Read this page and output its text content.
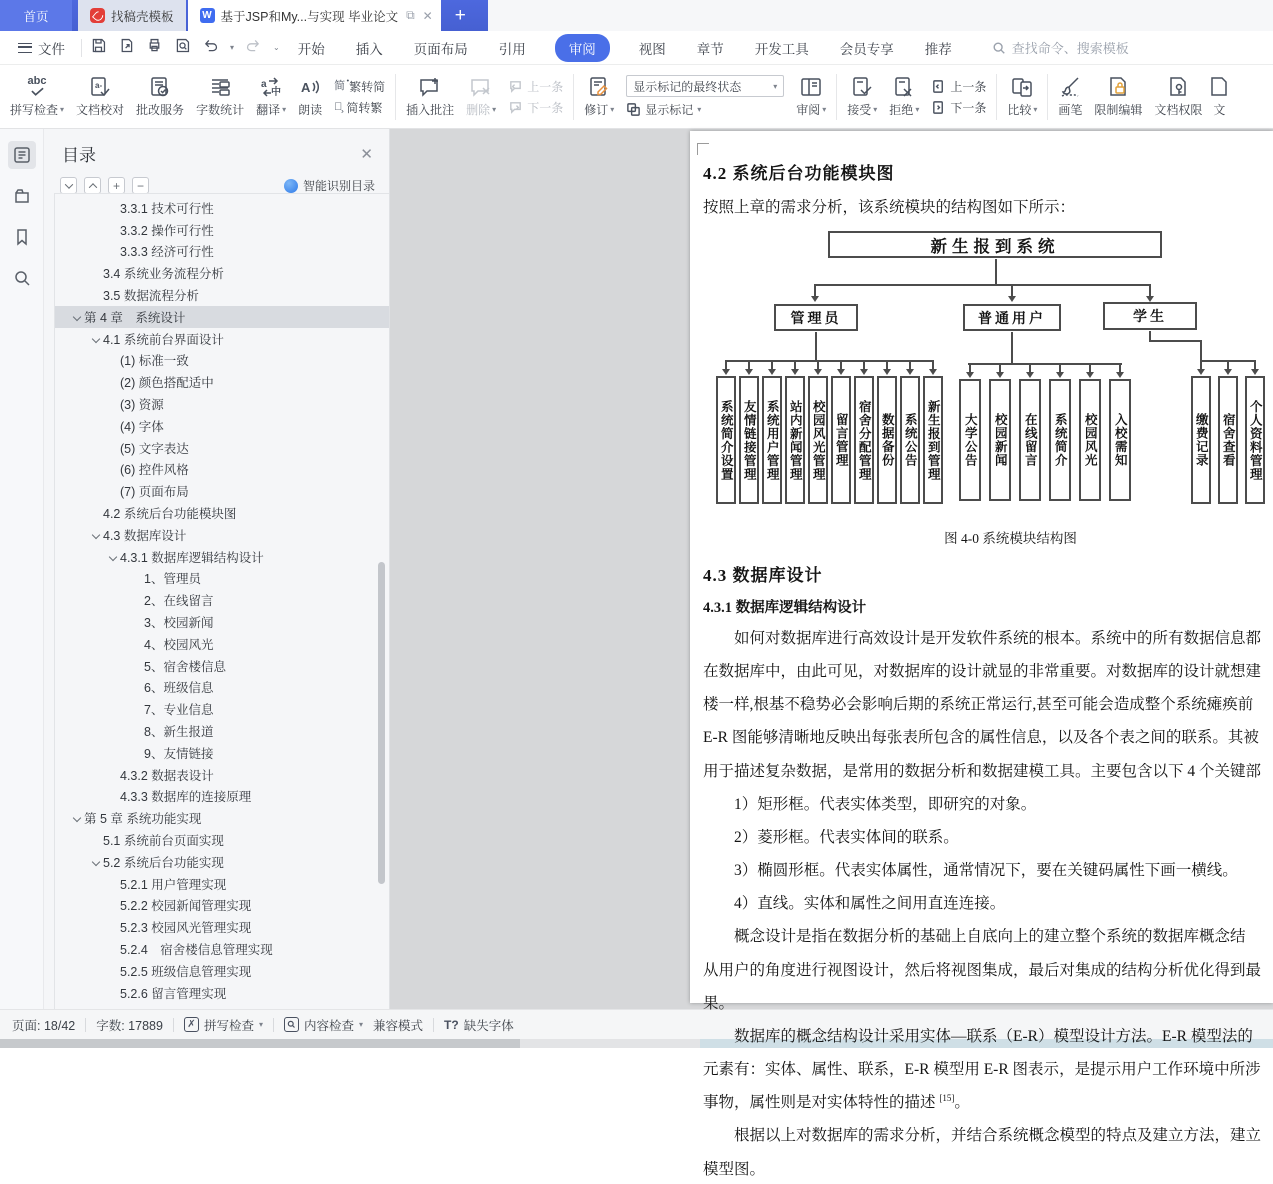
首页	找稿壳模板	W 基于JSP和My...与实现 毕业论文 ⧉ ✕	+
文件	▾	⌄ 开始 插入 页面布局 引用	审阅	视图 章节 开发工具 会员专享 推荐	查找命令、搜索模板
abc
拼写检查 ▾
a-
文档校对 批改服务 字数统计
a
中
翻译 ▾
A
朗读
简̇ 繁转简
繁̧ 简转繁 插入批注 删除 ▾
上一条
下一条 修订 ▾
显示标记的最终状态	▾
显示标记 ▾	审阅 ▾ 接受 ▾ 拒绝 ▾
上一条
下一条 比较 ▾ 画笔 限制编辑 文档权限 文
目录	✕
+	−	智能识别目录
3.3.1 技术可行性
3.3.2 操作可行性
3.3.3 经济可行性
3.4 系统业务流程分析
3.5 数据流程分析
第 4 章　系统设计
4.1 系统前台界面设计
(1) 标准一致
(2) 颜色搭配适中
(3) 资源
(4) 字体
(5) 文字表达
(6) 控件风格
(7) 页面布局
4.2 系统后台功能模块图
4.3 数据库设计
4.3.1 数据库逻辑结构设计
1、管理员
2、在线留言
3、校园新闻
4、校园风光
5、宿舍楼信息
6、班级信息
7、专业信息
8、新生报道
9、友情链接
4.3.2 数据表设计
4.3.3 数据库的连接原理
第 5 章 系统功能实现
5.1 系统前台页面实现
5.2 系统后台功能实现
5.2.1 用户管理实现
5.2.2 校园新闻管理实现
5.2.3 校园风光管理实现
5.2.4　宿舍楼信息管理实现
5.2.5 班级信息管理实现
5.2.6 留言管理实现
4.2 系统后台功能模块图
按照上章的需求分析，该系统模块的结构图如下所示：
新生报到系统
管理员	普通用户	学生
系统简介设置 友情链接管理 系统用户管理 站内新闻管理 校园风光管理 留言管理 宿舍分配管理 数据备份 系统公告 新生报到管理	大学公告	校园新闻	在线留言	系统简介	校园风光	入校需知	缴费记录 宿舍查看 个人资料管理
图 4-0 系统模块结构图
4.3 数据库设计
4.3.1 数据库逻辑结构设计
如何对数据库进行高效设计是开发软件系统的根本。系统中的所有数据信息都
在数据库中，由此可见，对数据库的设计就显的非常重要。对数据库的设计就想建
楼一样,根基不稳势必会影响后期的系统正常运行,甚至可能会造成整个系统瘫痪前
E-R 图能够清晰地反映出每张表所包含的属性信息，以及各个表之间的联系。其被
用于描述复杂数据，是常用的数据分析和数据建模工具。主要包含以下 4 个关键部
1）矩形框。代表实体类型，即研究的对象。
2）菱形框。代表实体间的联系。
3）椭圆形框。代表实体属性，通常情况下，要在关键码属性下画一横线。
4）直线。实体和属性之间用直连连接。
概念设计是指在数据分析的基础上自底向上的建立整个系统的数据库概念结
从用户的角度进行视图设计，然后将视图集成，最后对集成的结构分析优化得到最
果。
数据库的概念结构设计采用实体—联系（E-R）模型设计方法。E-R 模型法的
元素有：实体、属性、联系，E-R 模型用 E-R 图表示，是提示用户工作环境中所涉
事物，属性则是对实体特性的描述 [15]。
根据以上对数据库的需求分析，并结合系统概念模型的特点及建立方法，建立
模型图。
页面: 18/42 字数: 17889	✗ 拼写检查 ▾	内容检查 ▾ 兼容模式 T? 缺失字体
